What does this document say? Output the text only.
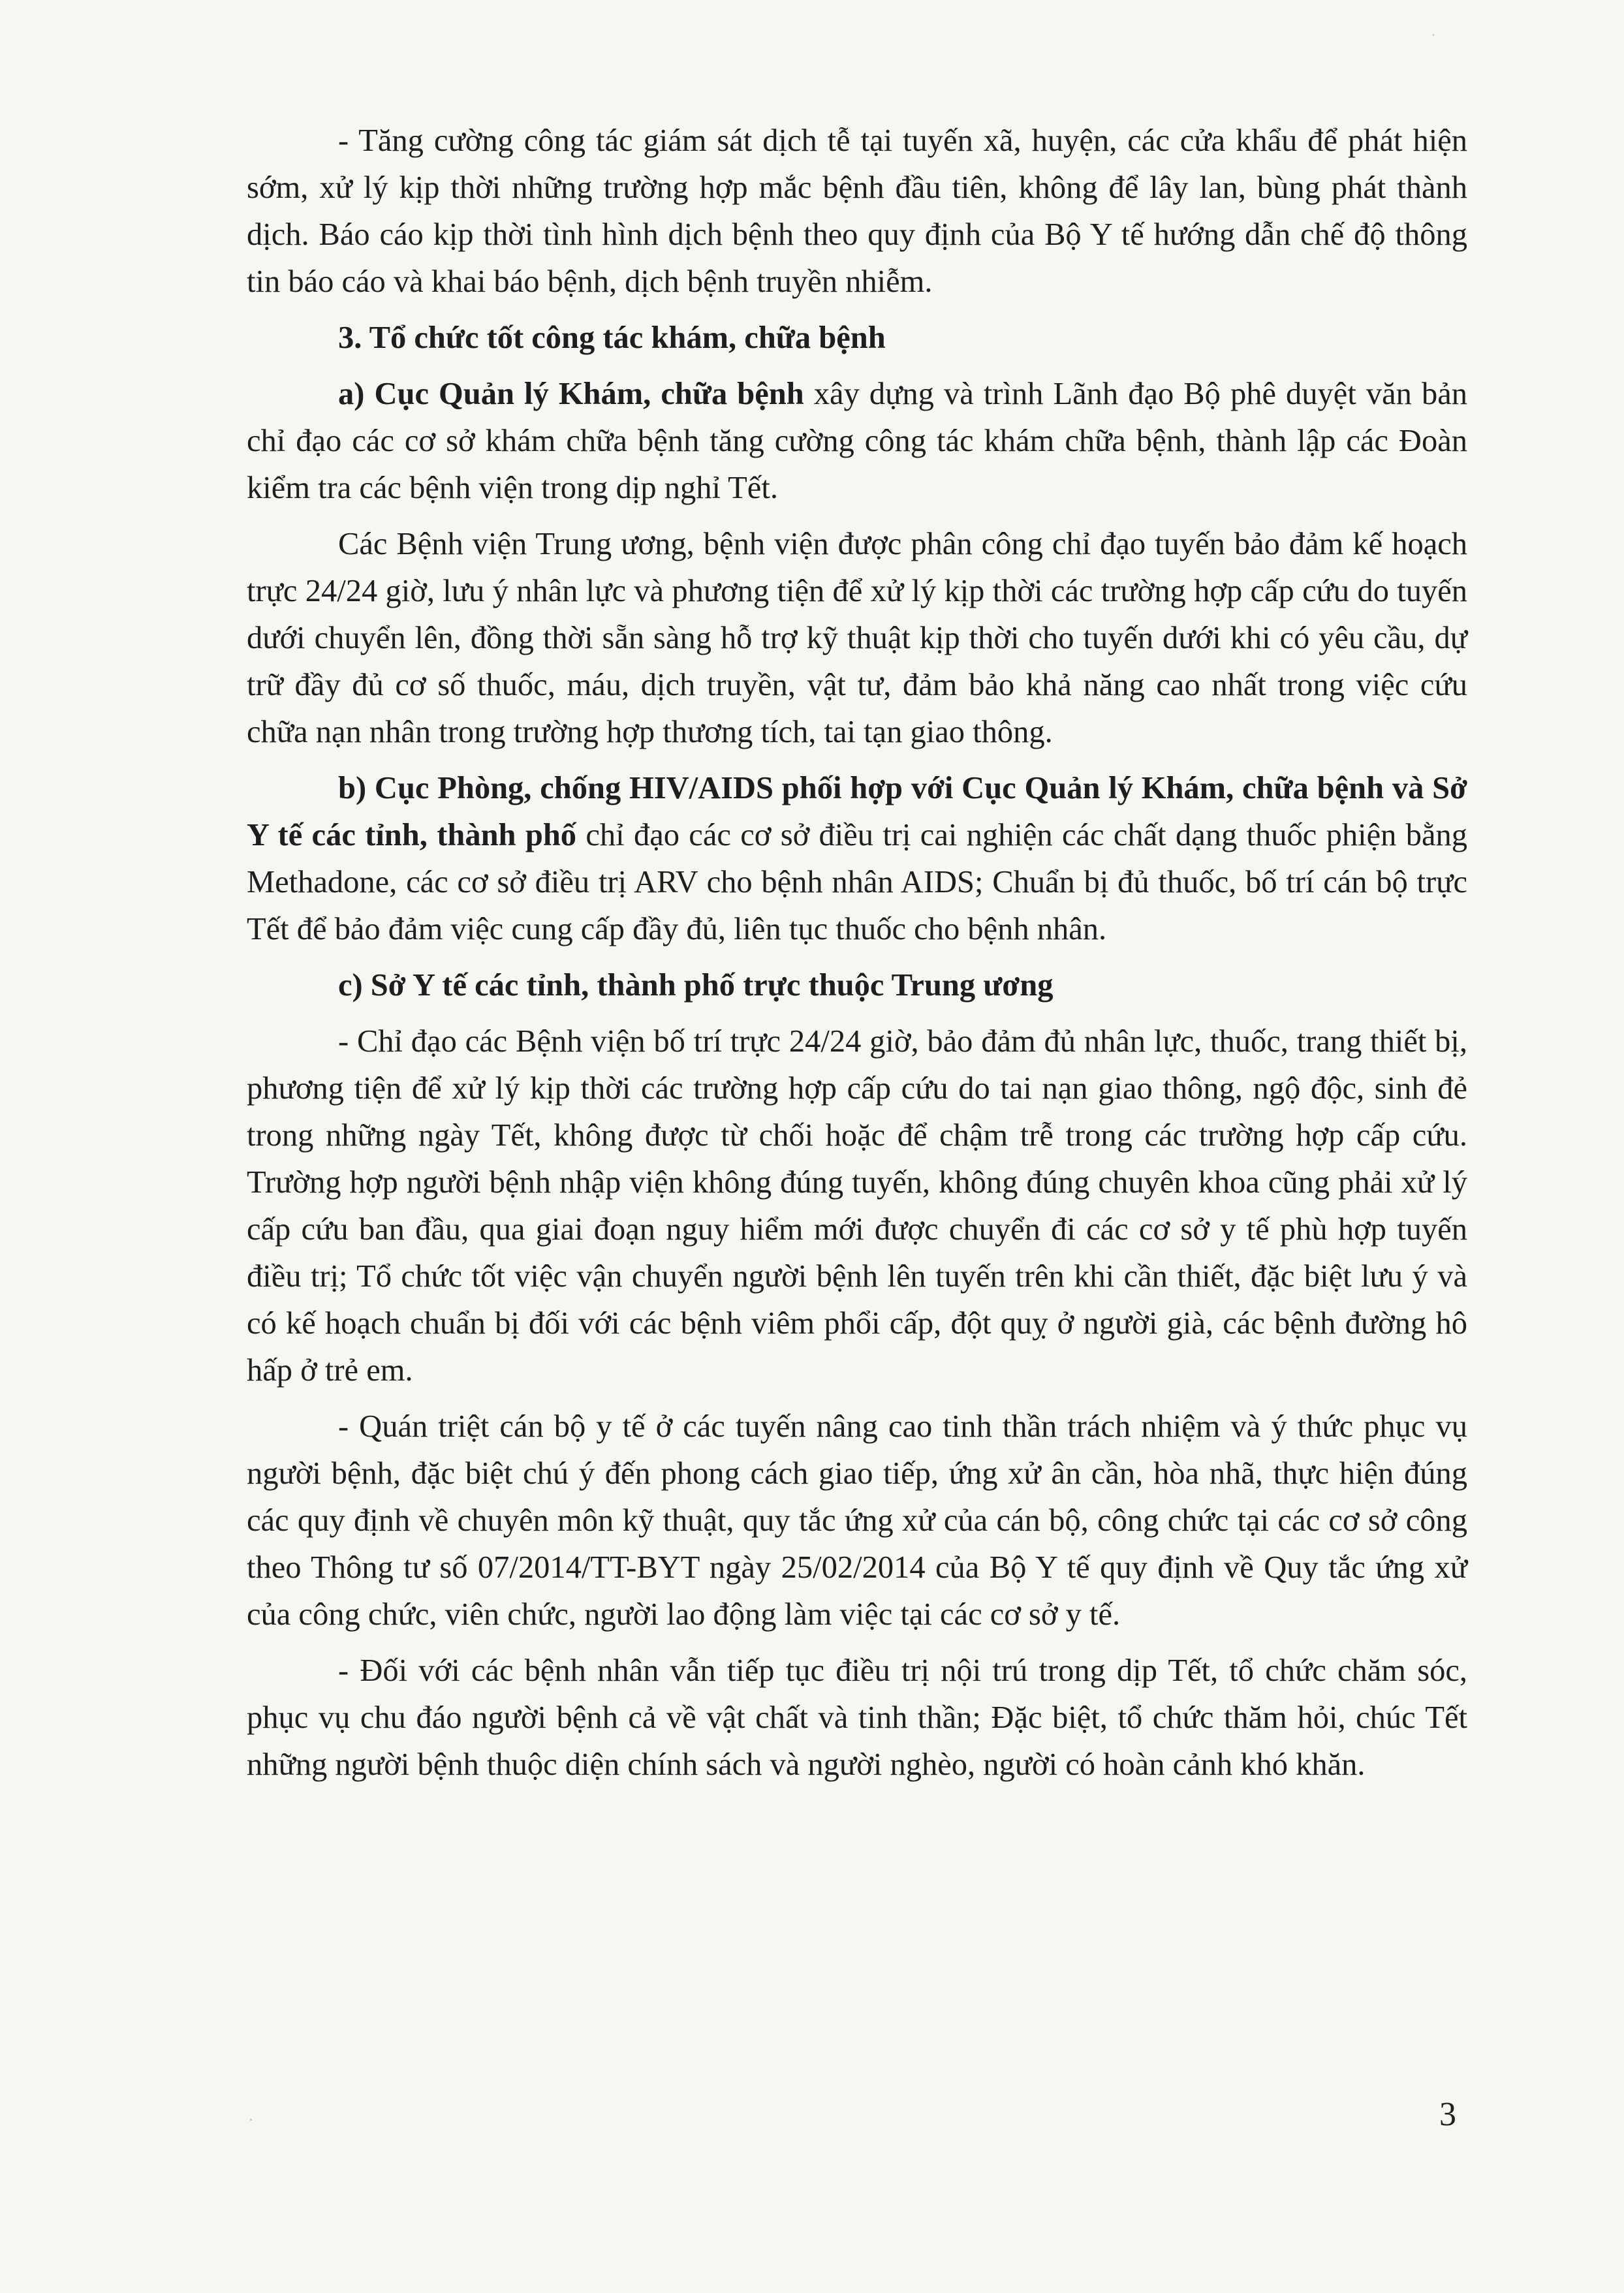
- Tăng cường công tác giám sát dịch tễ tại tuyến xã, huyện, các cửa khẩu để phát hiện sớm, xử lý kịp thời những trường hợp mắc bệnh đầu tiên, không để lây lan, bùng phát thành dịch. Báo cáo kịp thời tình hình dịch bệnh theo quy định của Bộ Y tế hướng dẫn chế độ thông tin báo cáo và khai báo bệnh, dịch bệnh truyền nhiễm.

3. Tổ chức tốt công tác khám, chữa bệnh

a) Cục Quản lý Khám, chữa bệnh xây dựng và trình Lãnh đạo Bộ phê duyệt văn bản chỉ đạo các cơ sở khám chữa bệnh tăng cường công tác khám chữa bệnh, thành lập các Đoàn kiểm tra các bệnh viện trong dịp nghỉ Tết.

Các Bệnh viện Trung ương, bệnh viện được phân công chỉ đạo tuyến bảo đảm kế hoạch trực 24/24 giờ, lưu ý nhân lực và phương tiện để xử lý kịp thời các trường hợp cấp cứu do tuyến dưới chuyển lên, đồng thời sẵn sàng hỗ trợ kỹ thuật kịp thời cho tuyến dưới khi có yêu cầu, dự trữ đầy đủ cơ số thuốc, máu, dịch truyền, vật tư, đảm bảo khả năng cao nhất trong việc cứu chữa nạn nhân trong trường hợp thương tích, tai tạn giao thông.

b) Cục Phòng, chống HIV/AIDS phối hợp với Cục Quản lý Khám, chữa bệnh và Sở Y tế các tỉnh, thành phố chỉ đạo các cơ sở điều trị cai nghiện các chất dạng thuốc phiện bằng Methadone, các cơ sở điều trị ARV cho bệnh nhân AIDS; Chuẩn bị đủ thuốc, bố trí cán bộ trực Tết để bảo đảm việc cung cấp đầy đủ, liên tục thuốc cho bệnh nhân.

c) Sở Y tế các tỉnh, thành phố trực thuộc Trung ương

- Chỉ đạo các Bệnh viện bố trí trực 24/24 giờ, bảo đảm đủ nhân lực, thuốc, trang thiết bị, phương tiện để xử lý kịp thời các trường hợp cấp cứu do tai nạn giao thông, ngộ độc, sinh đẻ trong những ngày Tết, không được từ chối hoặc để chậm trễ trong các trường hợp cấp cứu. Trường hợp người bệnh nhập viện không đúng tuyến, không đúng chuyên khoa cũng phải xử lý cấp cứu ban đầu, qua giai đoạn nguy hiểm mới được chuyển đi các cơ sở y tế phù hợp tuyến điều trị; Tổ chức tốt việc vận chuyển người bệnh lên tuyến trên khi cần thiết, đặc biệt lưu ý và có kế hoạch chuẩn bị đối với các bệnh viêm phổi cấp, đột quỵ ở người già, các bệnh đường hô hấp ở trẻ em.

- Quán triệt cán bộ y tế ở các tuyến nâng cao tinh thần trách nhiệm và ý thức phục vụ người bệnh, đặc biệt chú ý đến phong cách giao tiếp, ứng xử ân cần, hòa nhã, thực hiện đúng các quy định về chuyên môn kỹ thuật, quy tắc ứng xử của cán bộ, công chức tại các cơ sở công theo Thông tư số 07/2014/TT-BYT ngày 25/02/2014 của Bộ Y tế quy định về Quy tắc ứng xử của công chức, viên chức, người lao động làm việc tại các cơ sở y tế.

- Đối với các bệnh nhân vẫn tiếp tục điều trị nội trú trong dịp Tết, tổ chức chăm sóc, phục vụ chu đáo người bệnh cả về vật chất và tinh thần; Đặc biệt, tổ chức thăm hỏi, chúc Tết những người bệnh thuộc diện chính sách và người nghèo, người có hoàn cảnh khó khăn.

3
